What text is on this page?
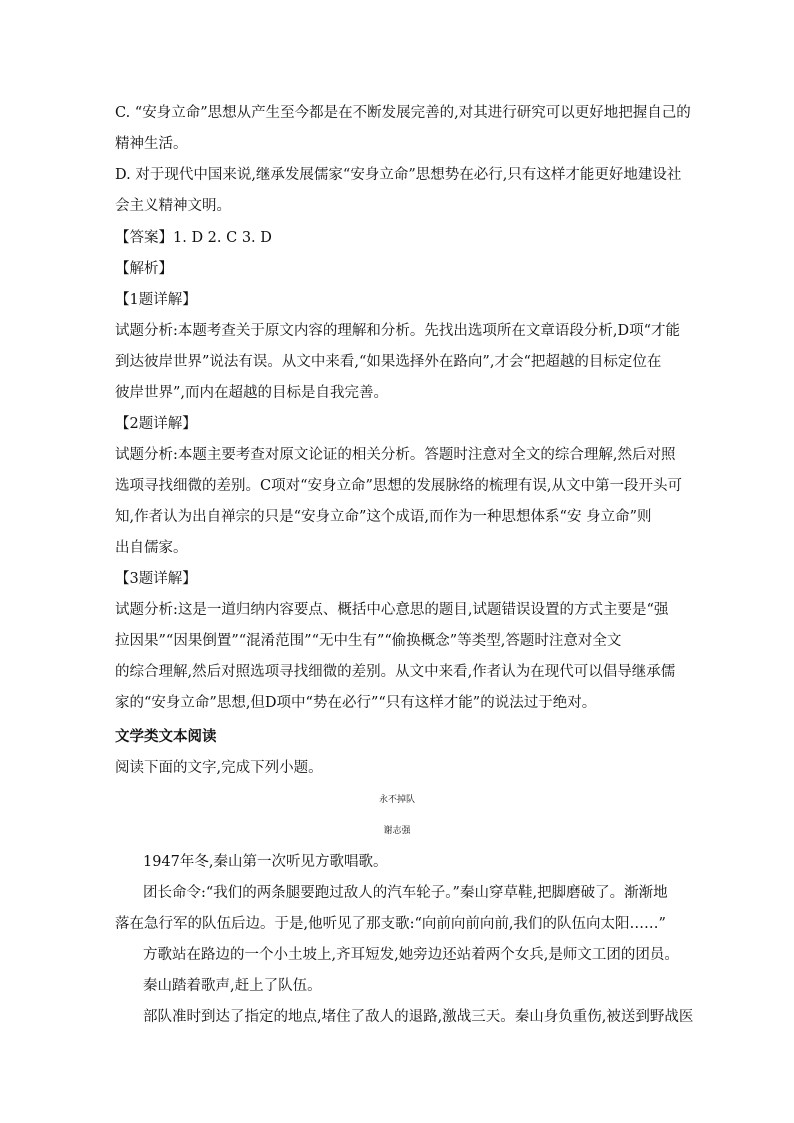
C. “安身立命”思想从产生至今都是在不断发展完善的,对其进行研究可以更好地把握自己的
精神生活。
D. 对于现代中国来说,继承发展儒家“安身立命”思想势在必行,只有这样才能更好地建设社
会主义精神文明。
【答案】1. D 2. C 3. D
【解析】
【1题详解】
试题分析:本题考查关于原文内容的理解和分析。先找出选项所在文章语段分析,D项“才能
到达彼岸世界”说法有误。从文中来看,“如果选择外在路向”,才会“把超越的目标定位在
彼岸世界”,而内在超越的目标是自我完善。
【2题详解】
试题分析:本题主要考查对原文论证的相关分析。答题时注意对全文的综合理解,然后对照
选项寻找细微的差别。C项对“安身立命”思想的发展脉络的梳理有误,从文中第一段开头可
知,作者认为出自禅宗的只是“安身立命”这个成语,而作为一种思想体系“安 身立命”则
出自儒家。
【3题详解】
试题分析:这是一道归纳内容要点、概括中心意思的题目,试题错误设置的方式主要是“强
拉因果”“因果倒置”“混淆范围”“无中生有”“偷换概念”等类型,答题时注意对全文
的综合理解,然后对照选项寻找细微的差别。从文中来看,作者认为在现代可以倡导继承儒
家的“安身立命”思想,但D项中“势在必行”“只有这样才能”的说法过于绝对。
文学类文本阅读
阅读下面的文字,完成下列小题。
永不掉队
谢志强
1947年冬,秦山第一次听见方歌唱歌。
团长命令:“我们的两条腿要跑过敌人的汽车轮子。”秦山穿草鞋,把脚磨破了。渐渐地
落在急行军的队伍后边。于是,他听见了那支歌:“向前向前向前,我们的队伍向太阳……”
方歌站在路边的一个小土坡上,齐耳短发,她旁边还站着两个女兵,是师文工团的团员。
秦山踏着歌声,赶上了队伍。
部队准时到达了指定的地点,堵住了敌人的退路,激战三天。秦山身负重伤,被送到野战医
